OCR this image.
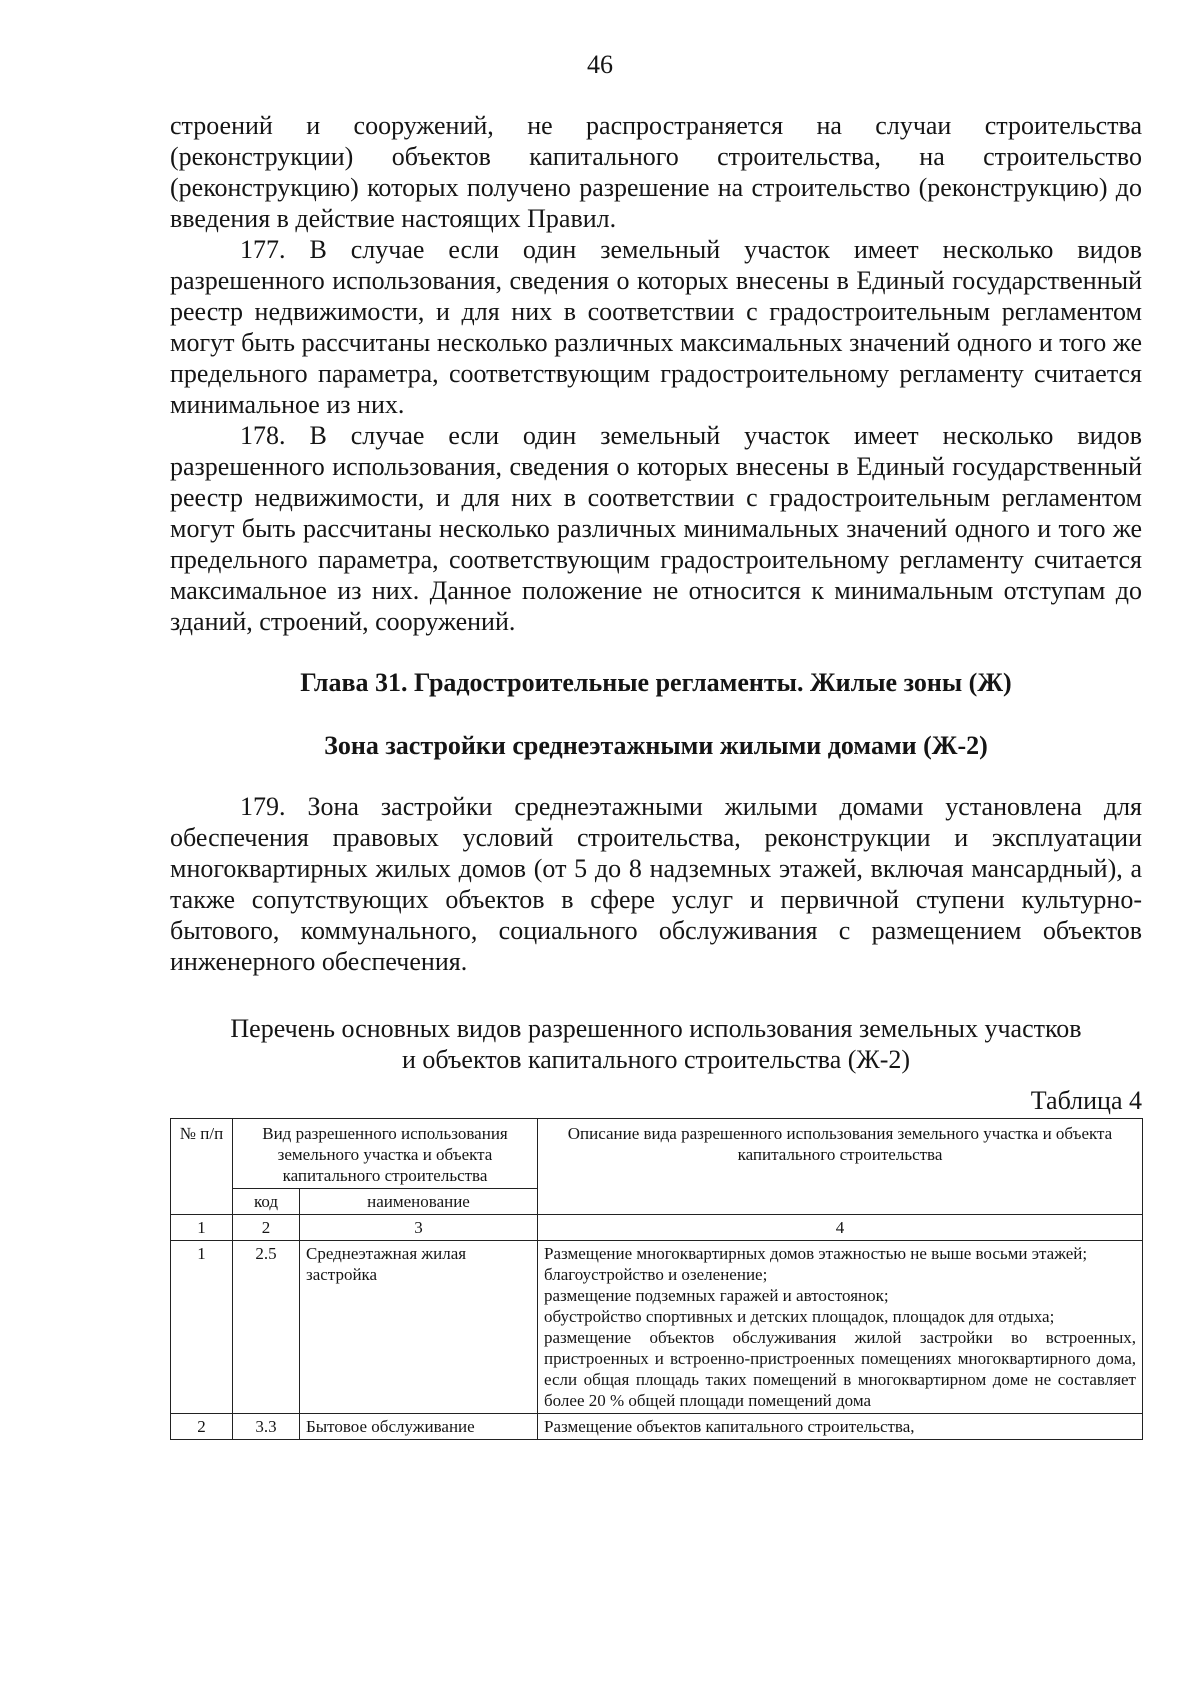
46

строений и сооружений, не распространяется на случаи строительства (реконструкции) объектов капитального строительства, на строительство (реконструкцию) которых получено разрешение на строительство (реконструкцию) до введения в действие настоящих Правил.

177. В случае если один земельный участок имеет несколько видов разрешенного использования, сведения о которых внесены в Единый государственный реестр недвижимости, и для них в соответствии с градостроительным регламентом могут быть рассчитаны несколько различных максимальных значений одного и того же предельного параметра, соответствующим градостроительному регламенту считается минимальное из них.

178. В случае если один земельный участок имеет несколько видов разрешенного использования, сведения о которых внесены в Единый государственный реестр недвижимости, и для них в соответствии с градостроительным регламентом могут быть рассчитаны несколько различных минимальных значений одного и того же предельного параметра, соответствующим градостроительному регламенту считается максимальное из них. Данное положение не относится к минимальным отступам до зданий, строений, сооружений.

Глава 31. Градостроительные регламенты. Жилые зоны (Ж)
Зона застройки среднеэтажными жилыми домами (Ж-2)

179. Зона застройки среднеэтажными жилыми домами установлена для обеспечения правовых условий строительства, реконструкции и эксплуатации многоквартирных жилых домов (от 5 до 8 надземных этажей, включая мансардный), а также сопутствующих объектов в сфере услуг и первичной ступени культурно-бытового, коммунального, социального обслуживания с размещением объектов инженерного обеспечения.

Перечень основных видов разрешенного использования земельных участков
и объектов капитального строительства (Ж-2)
Таблица 4
№ п/п	Вид разрешенного использования земельного участка и объекта капитального строительства		Описание вида разрешенного использования земельного участка и объекта капитального строительства
	код	наименование	
1	2	3	4
1	2.5	Среднеэтажная жилая застройка	Размещение многоквартирных домов этажностью не выше восьми этажей;
благоустройство и озеленение;
размещение подземных гаражей и автостоянок;
обустройство спортивных и детских площадок, площадок для отдыха;
размещение объектов обслуживания жилой застройки во встроенных, пристроенных и встроенно-пристроенных помещениях многоквартирного дома, если общая площадь таких помещений в многоквартирном доме не составляет более 20 % общей площади помещений дома

2	3.3	Бытовое обслуживание	Размещение объектов капитального строительства,
